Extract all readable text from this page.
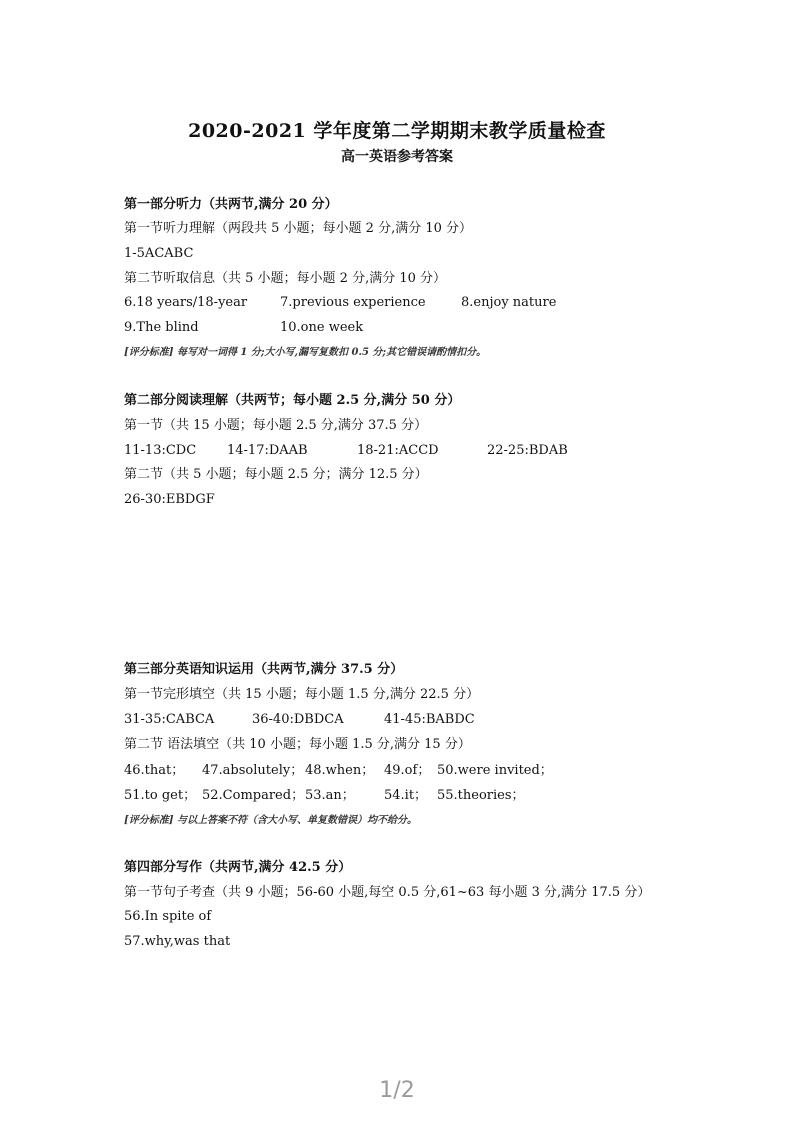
2020-2021 学年度第二学期期末教学质量检查
高一英语参考答案
第一部分听力（共两节,满分 20 分）
第一节听力理解（两段共 5 小题；每小题 2 分,满分 10 分）
1-5ACABC
第二节听取信息（共 5 小题；每小题 2 分,满分 10 分）
6.18 years/18-year	7.previous experience	8.enjoy nature
9.The blind	10.one week
[评分标准] 每写对一词得 1 分;大小写,漏写复数扣 0.5 分;其它错误请酌情扣分。
第二部分阅读理解（共两节；每小题 2.5 分,满分 50 分）
第一节（共 15 小题；每小题 2.5 分,满分 37.5 分）
11-13:CDC 14-17:DAAB	18-21:ACCD	22-25:BDAB
第二节（共 5 小题；每小题 2.5 分；满分 12.5 分）
26-30:EBDGF
第三部分英语知识运用（共两节,满分 37.5 分）
第一节完形填空（共 15 小题；每小题 1.5 分,满分 22.5 分）
31-35:CABCA	36-40:DBDCA	41-45:BABDC
第二节 语法填空（共 10 小题；每小题 1.5 分,满分 15 分）
46.that； 47.absolutely； 48.when； 49.of； 50.were invited；
51.to get； 52.Compared； 53.an； 54.it； 55.theories；
[评分标准] 与以上答案不符（含大小写、单复数错误）均不给分。
第四部分写作（共两节,满分 42.5 分）
第一节句子考查（共 9 小题；56-60 小题,每空 0.5 分,61~63 每小题 3 分,满分 17.5 分）
56.In spite of
57.why,was that
1/2
